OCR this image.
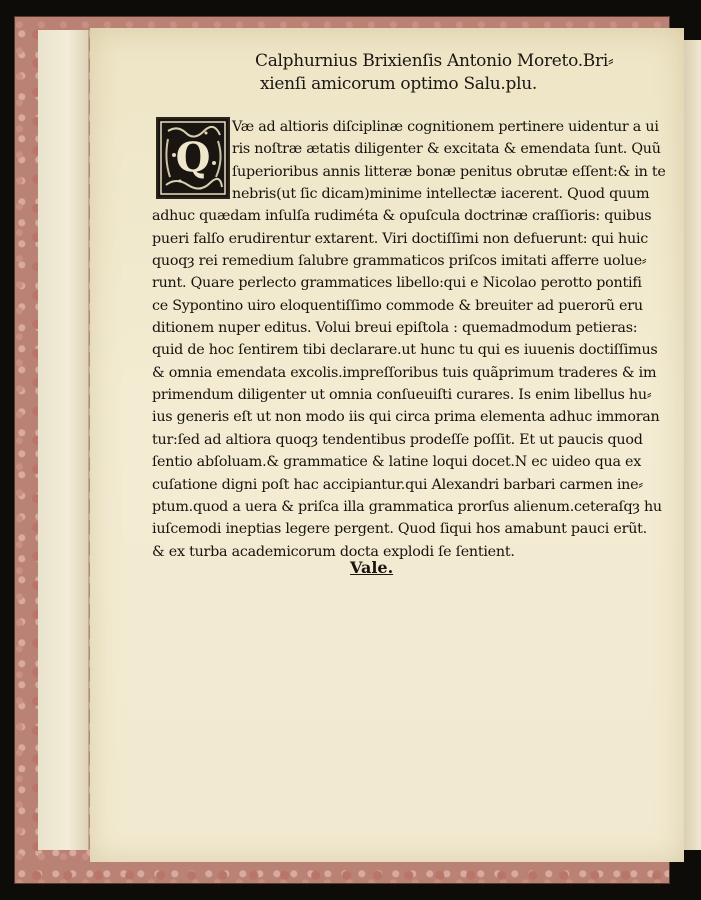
Calphurnius Brixienſis Antonio Moreto.Bri⸗
xienſi amicorum optimo Salu.plu.
Q
Væ ad altioris diſciplinæ cognitionem pertinere uidentur a ui
ris noſtræ ætatis diligenter & excitata & emendata ſunt. Quũ
ſuperioribus annis litteræ bonæ penitus obrutæ eſſent:& in te
nebris(ut ſic dicam)minime intellectæ iacerent. Quod quum
adhuc quædam inſulſa rudiméta & opuſcula doctrinæ craſſioris: quibus
pueri falſo erudirentur extarent. Viri doctiſſimi non defuerunt: qui huic
quoqȝ rei remedium ſalubre grammaticos priſcos imitati afferre uolue⸗
runt. Quare perlecto grammatices libello:qui e Nicolao perotto pontifi
ce Sypontino uiro eloquentiſſimo commode & breuiter ad puerorũ eru
ditionem nuper editus. Volui breui epiſtola : quemadmodum petieras:
quid de hoc ſentirem tibi declarare.ut hunc tu qui es iuuenis doctiſſimus
& omnia emendata excolis.impreſſoribus tuis quãprimum traderes & im
primendum diligenter ut omnia conſueuiſti curares. Is enim libellus hu⸗
ius generis eſt ut non modo iis qui circa prima elementa adhuc immoran
tur:ſed ad altiora quoqȝ tendentibus prodeſſe poſſit. Et ut paucis quod
ſentio abſoluam.& grammatice & latine loqui docet.N ec uideo qua ex
cuſatione digni poſt hac accipiantur.qui Alexandri barbari carmen ine⸗
ptum.quod a uera & priſca illa grammatica prorſus alienum.ceteraſqȝ hu
iuſcemodi ineptias legere pergent. Quod ſiqui hos amabunt pauci erũt.
& ex turba academicorum docta explodi ſe ſentient.
Vale.
